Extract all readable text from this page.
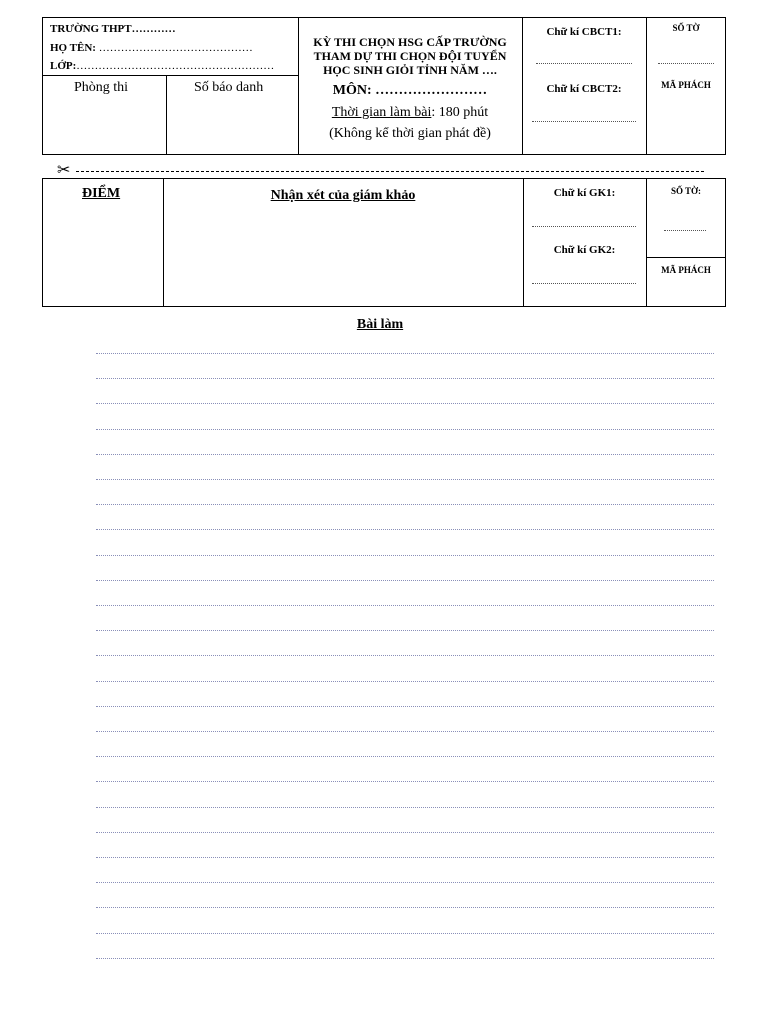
TRƯỜNG THPT…………
HỌ TÊN: ……………………………………
LỚP:………………………………………………
Phòng thi	Số báo danh
KỲ THI CHỌN HSG CẤP TRƯỜNG
THAM DỰ THI CHỌN ĐỘI TUYỂN
HỌC SINH GIỎI TỈNH NĂM ….
MÔN: ……………………
Thời gian làm bài: 180 phút
(Không kể thời gian phát đề)
Chữ kí CBCT1:
Chữ kí CBCT2:
SỐ TỜ
MÃ PHÁCH
✂
ĐIỂM	Nhận xét của giám khảo	Chữ kí GK1:
Chữ kí GK2:
SỐ TỜ:
MÃ PHÁCH
Bài làm
